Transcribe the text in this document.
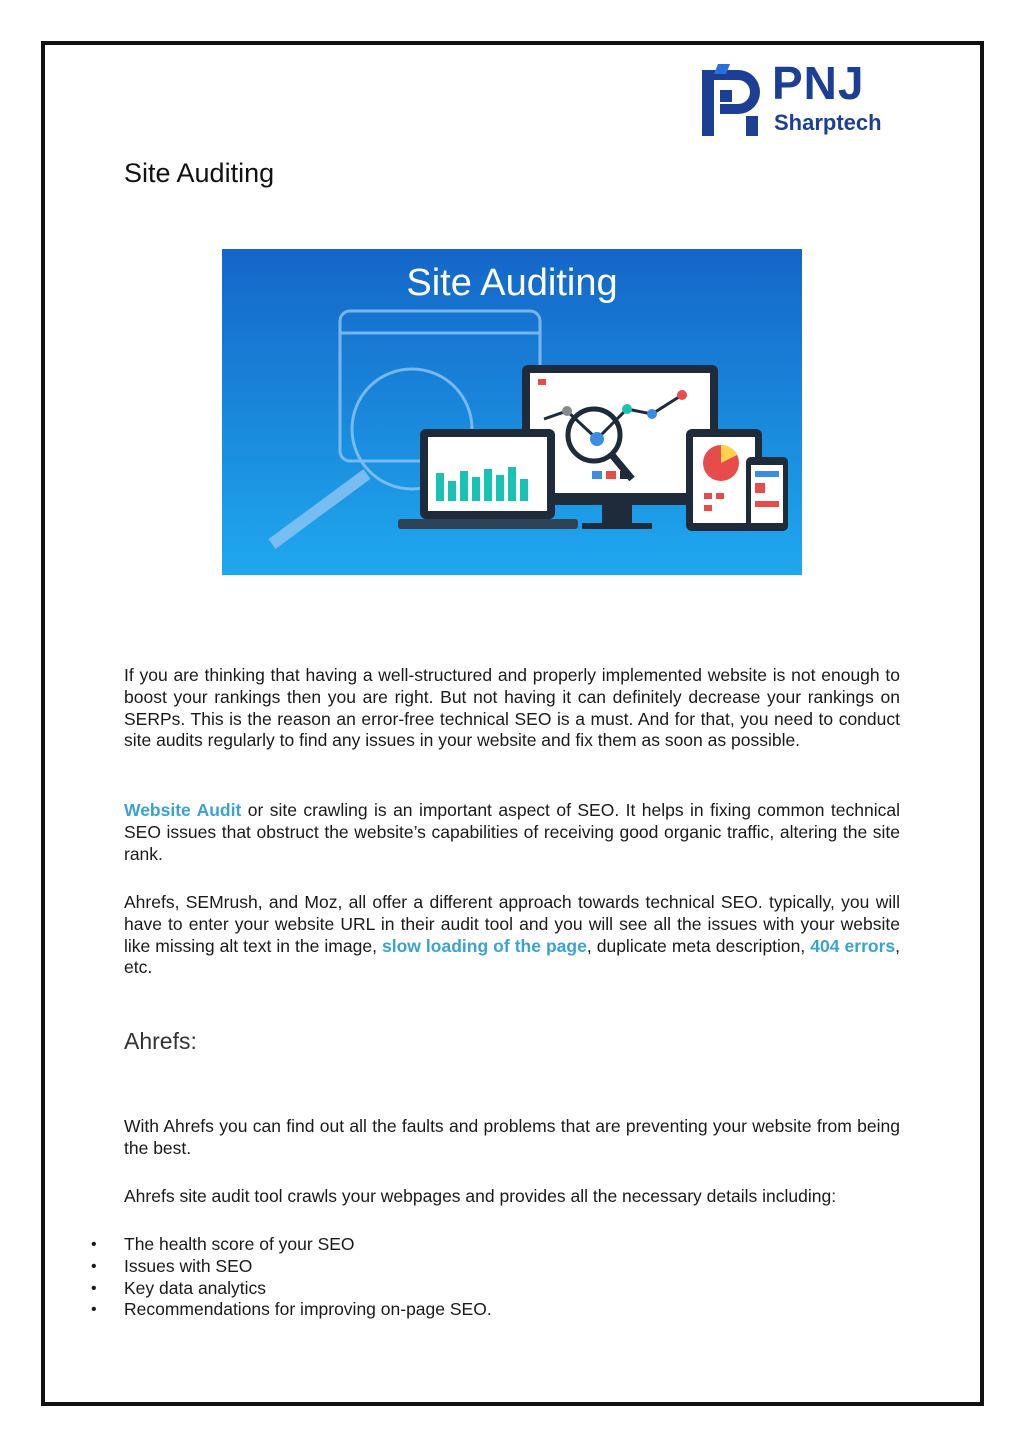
PNJ
Sharptech
Site Auditing
Site Auditing

If you are thinking that having a well-structured and properly implemented website is not enough to boost your rankings then you are right. But not having it can definitely decrease your rankings on SERPs. This is the reason an error-free technical SEO is a must. And for that, you need to conduct site audits regularly to find any issues in your website and fix them as soon as possible.

Website Audit or site crawling is an important aspect of SEO. It helps in fixing common technical SEO issues that obstruct the website’s capabilities of receiving good organic traffic, altering the site rank.

Ahrefs, SEMrush, and Moz, all offer a different approach towards technical SEO. typically, you will have to enter your website URL in their audit tool and you will see all the issues with your website like missing alt text in the image, slow loading of the page, duplicate meta description, 404 errors, etc.

Ahrefs:

With Ahrefs you can find out all the faults and problems that are preventing your website from being the best.

Ahrefs site audit tool crawls your webpages and provides all the necessary details including:

• The health score of your SEO
• Issues with SEO
• Key data analytics
• Recommendations for improving on-page SEO.
